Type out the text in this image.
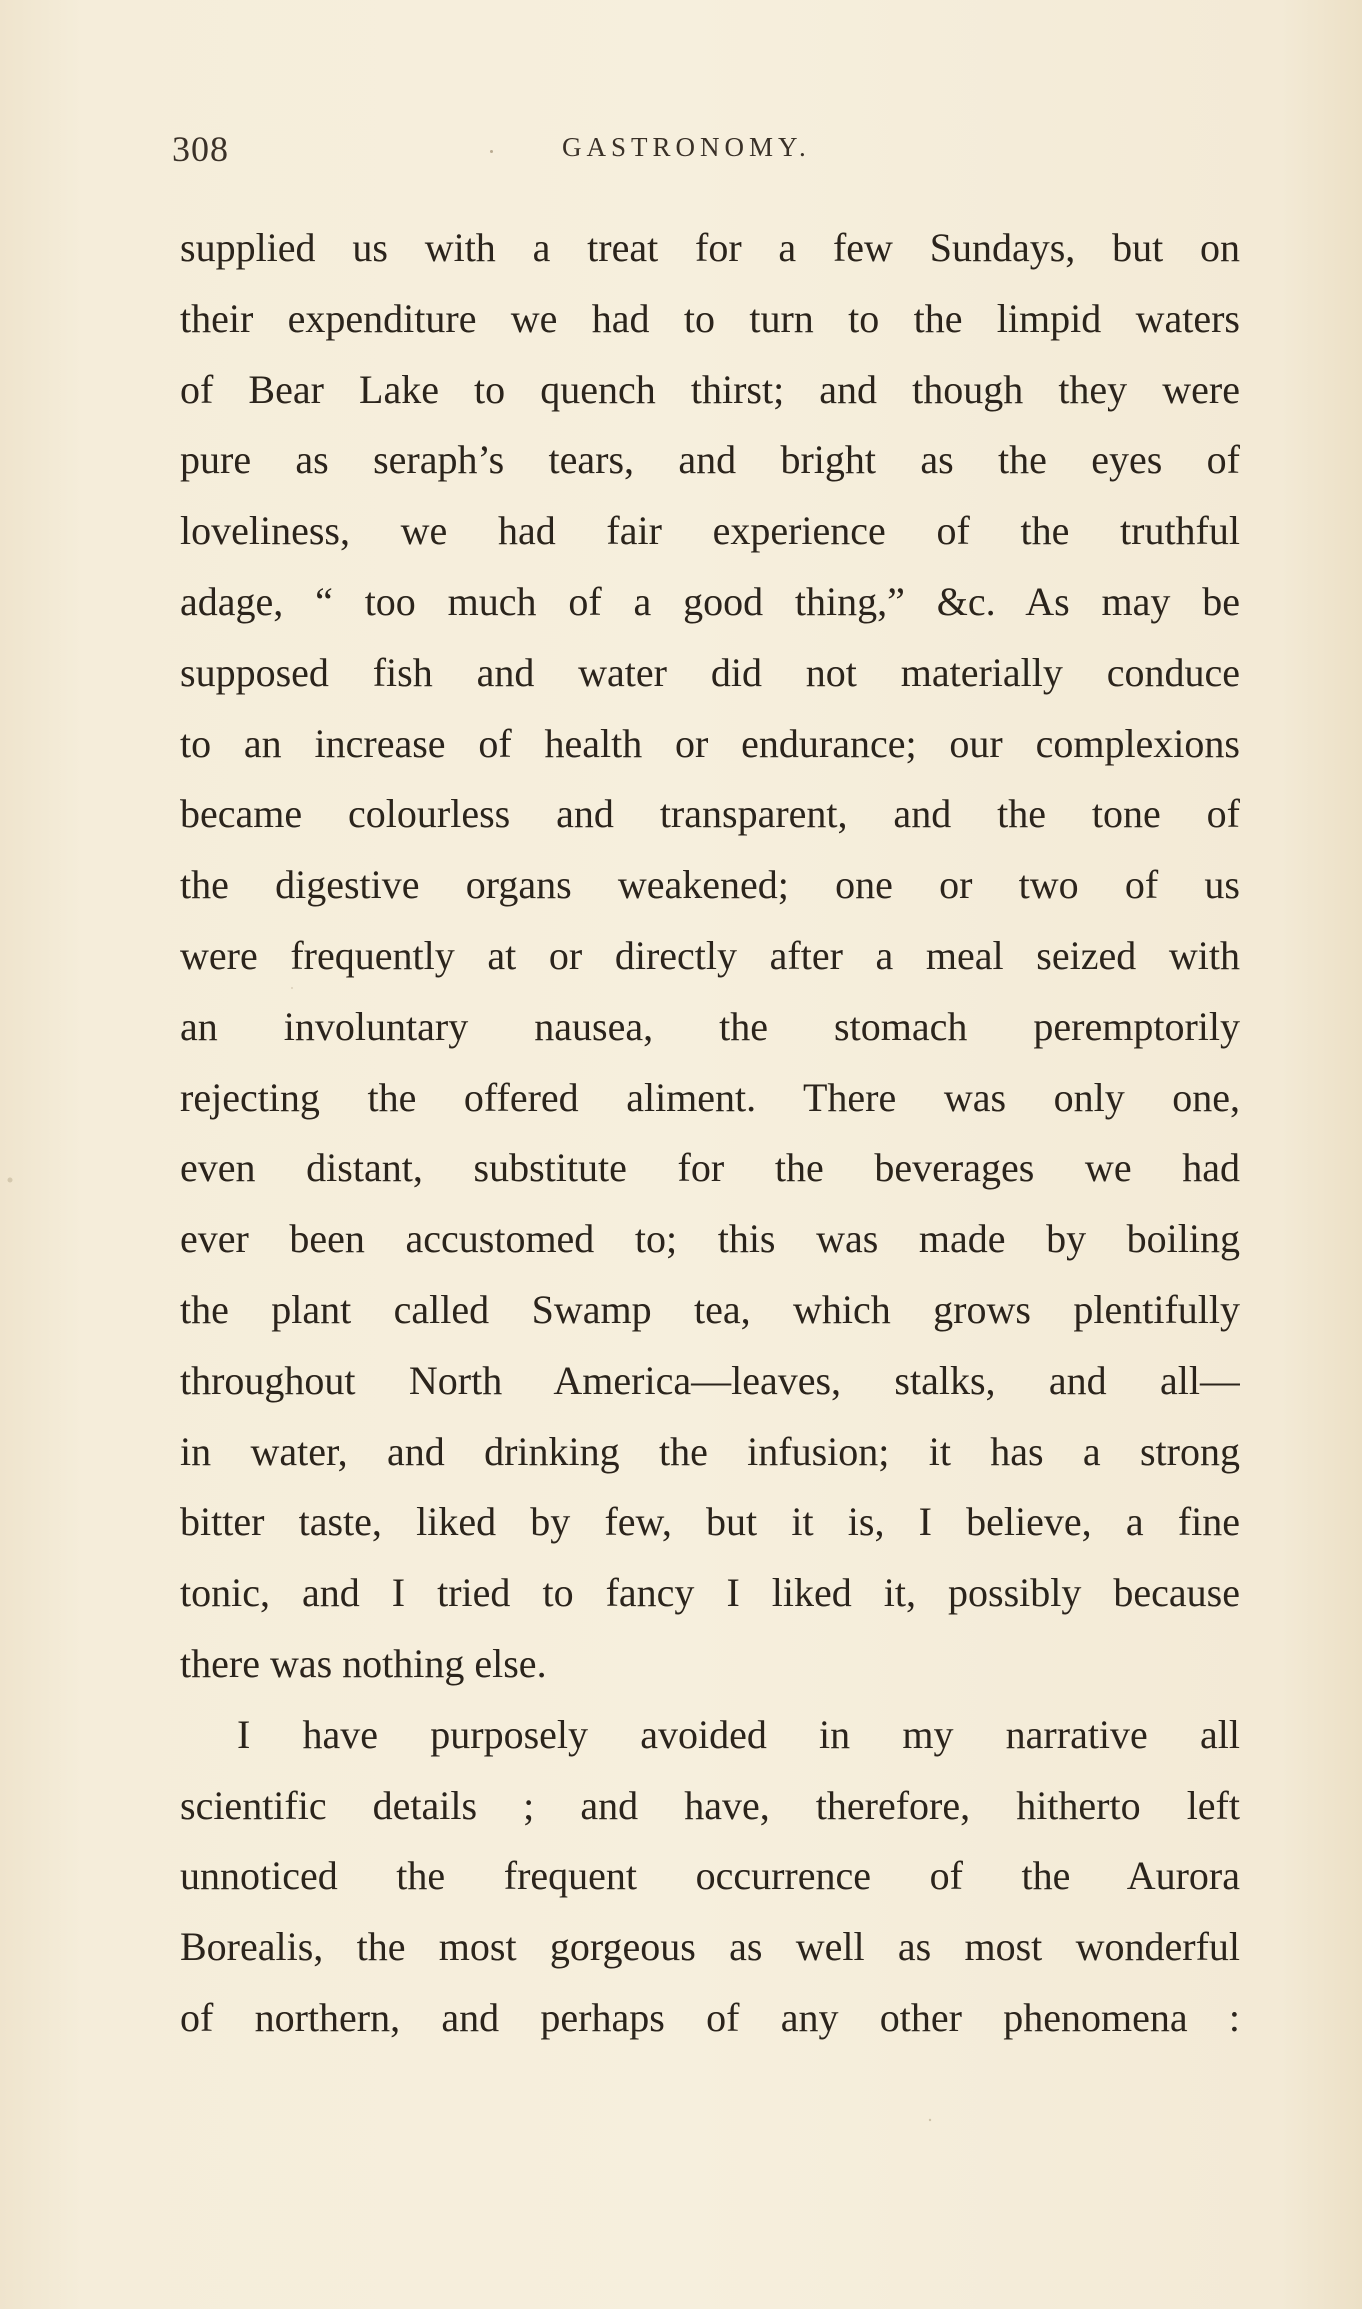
308	GASTRONOMY.
supplied us with a treat for a few Sundays, but on
their expenditure we had to turn to the limpid waters
of Bear Lake to quench thirst; and though they were
pure as seraph’s tears, and bright as the eyes of
loveliness, we had fair experience of the truthful
adage, “ too much of a good thing,” &c. As may be
supposed fish and water did not materially conduce
to an increase of health or endurance; our complexions
became colourless and transparent, and the tone of
the digestive organs weakened; one or two of us
were frequently at or directly after a meal seized with
an involuntary nausea, the stomach peremptorily
rejecting the offered aliment. There was only one,
even distant, substitute for the beverages we had
ever been accustomed to; this was made by boiling
the plant called Swamp tea, which grows plentifully
throughout North America—leaves, stalks, and all—
in water, and drinking the infusion; it has a strong
bitter taste, liked by few, but it is, I believe, a fine
tonic, and I tried to fancy I liked it, possibly because
there was nothing else.
I have purposely avoided in my narrative all
scientific details ; and have, therefore, hitherto left
unnoticed the frequent occurrence of the Aurora
Borealis, the most gorgeous as well as most wonderful
of northern, and perhaps of any other phenomena :
